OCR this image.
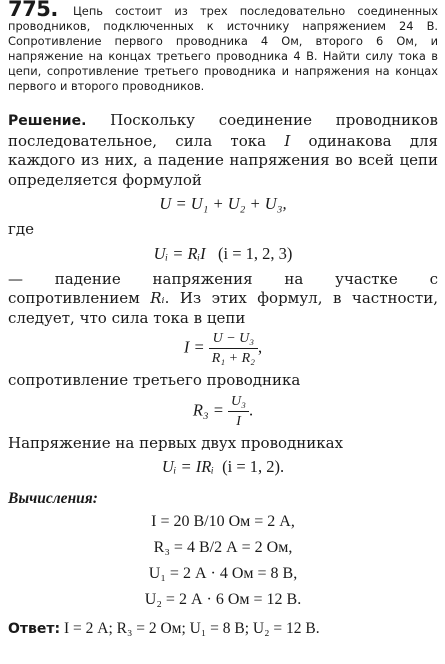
775. Цепь состоит из трех последовательно соединенных проводников, подключенных к источнику напряжением 24 В. Сопротивление первого проводника 4 Ом, второго 6 Ом, и напряжение на концах третьего проводника 4 В. Найти силу тока в цепи, сопротивление третьего проводника и напряжения на концах первого и второго проводников.

Решение. Поскольку соединение проводников последовательное, сила тока I одинакова для каждого из них, а падение напряжения во всей цепи определяется формулой

U = U₁ + U₂ + U₃,

где

Uᵢ = RᵢI (i = 1, 2, 3)

— падение напряжения на участке с сопротивлением Rᵢ. Из этих формул, в частности, следует, что сила тока в цепи

$I = \frac{\text{U − U₃}}{\text{R₁ + R₂}}$ ,

сопротивление третьего проводника

$R_3 = \frac{\text{U₃}}{I}$ .

Напряжение на первых двух проводниках

Uᵢ = IRᵢ (i = 1, 2).
Вычисления:
I = 20 В/10 Ом = 2 А,
R₃ = 4 В/2 А = 2 Ом,
U₁ = 2 А · 4 Ом = 8 В,
U₂ = 2 А · 6 Ом = 12 В.
Ответ: I = 2 А; R₃ = 2 Ом; U₁ = 8 В; U₂ = 12 В.
